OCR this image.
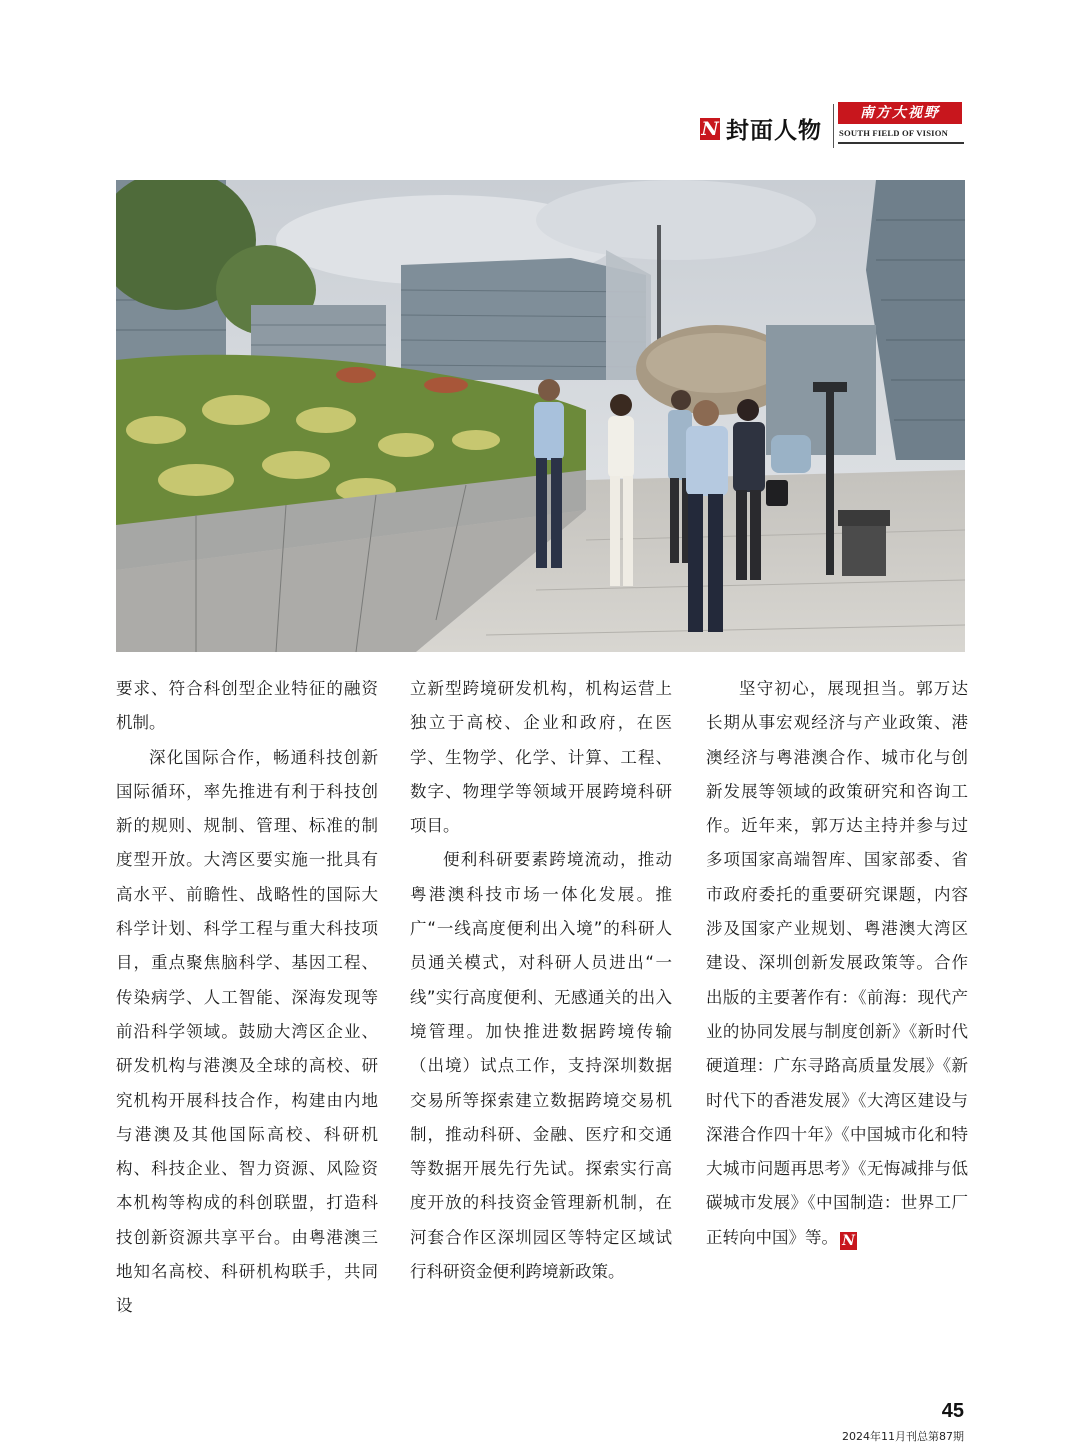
N 封面人物
南方大视野
SOUTH FIELD OF VISION

要求、符合科创型企业特征的融资机制。

深化国际合作，畅通科技创新国际循环，率先推进有利于科技创新的规则、规制、管理、标准的制度型开放。大湾区要实施一批具有高水平、前瞻性、战略性的国际大科学计划、科学工程与重大科技项目，重点聚焦脑科学、基因工程、传染病学、人工智能、深海发现等前沿科学领域。鼓励大湾区企业、研发机构与港澳及全球的高校、研究机构开展科技合作，构建由内地与港澳及其他国际高校、科研机构、科技企业、智力资源、风险资本机构等构成的科创联盟，打造科技创新资源共享平台。由粤港澳三地知名高校、科研机构联手，共同设

立新型跨境研发机构，机构运营上独立于高校、企业和政府，在医学、生物学、化学、计算、工程、数字、物理学等领域开展跨境科研项目。

便利科研要素跨境流动，推动粤港澳科技市场一体化发展。推广“一线高度便利出入境”的科研人员通关模式，对科研人员进出“一线”实行高度便利、无感通关的出入境管理。加快推进数据跨境传输（出境）试点工作，支持深圳数据交易所等探索建立数据跨境交易机制，推动科研、金融、医疗和交通等数据开展先行先试。探索实行高度开放的科技资金管理新机制，在河套合作区深圳园区等特定区域试行科研资金便利跨境新政策。

坚守初心，展现担当。郭万达长期从事宏观经济与产业政策、港澳经济与粤港澳合作、城市化与创新发展等领域的政策研究和咨询工作。近年来，郭万达主持并参与过多项国家高端智库、国家部委、省市政府委托的重要研究课题，内容涉及国家产业规划、粤港澳大湾区建设、深圳创新发展政策等。合作出版的主要著作有：《前海：现代产业的协同发展与制度创新》《新时代硬道理：广东寻路高质量发展》《新时代下的香港发展》《大湾区建设与深港合作四十年》《中国城市化和特大城市问题再思考》《无悔减排与低碳城市发展》《中国制造：世界工厂正转向中国》等。 N

45
2024年11月刊总第87期
